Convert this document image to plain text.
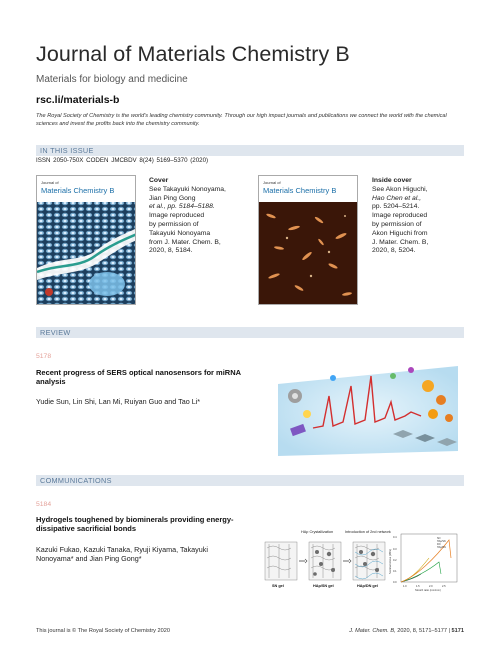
Journal of Materials Chemistry B
Materials for biology and medicine
rsc.li/materials-b
The Royal Society of Chemistry is the world's leading chemistry community. Through our high impact journals and publications we connect the world with the chemical sciences and invest the profits back into the chemistry community.
IN THIS ISSUE
ISSN 2050-750X CODEN JMCBDV 8(24) 5169–5370 (2020)
Journal of
Materials Chemistry B
Cover
See Takayuki Nonoyama,
Jian Ping Gong
et al., pp. 5184–5188.
Image reproduced
by permission of
Takayuki Nonoyama
from J. Mater. Chem. B,
2020, 8, 5184.
Journal of
Materials Chemistry B
Inside cover
See Akon Higuchi,
Hao Chen et al.,
pp. 5204–5214.
Image reproduced
by permission of
Akon Higuchi from
J. Mater. Chem. B,
2020, 8, 5204.
REVIEW
5178
Recent progress of SERS optical nanosensors for miRNA analysis
Yudie Sun, Lin Shi, Lan Mi, Ruiyan Guo and Tao Li*
COMMUNICATIONS
5184
Hydrogels toughened by biominerals providing energy-dissipative sacrificial bonds
Kazuki Fukao, Kazuki Tanaka, Ryuji Kiyama, Takayuki Nonoyama* and Jian Ping Gong*
HAp Crystallization	Introduction of 2nd network
SN gel	HAp/SN gel	HAp/DN gel
SN
HAp/SN
DN
HAp/DN
0.4
0.3
0.2
0.1
0.0
1.0	1.5	2.0	2.5
Stretch ratio (mm/mm)
Nominal stress (MPa)
This journal is © The Royal Society of Chemistry 2020	J. Mater. Chem. B, 2020, 8, 5171–5177 | 5171
